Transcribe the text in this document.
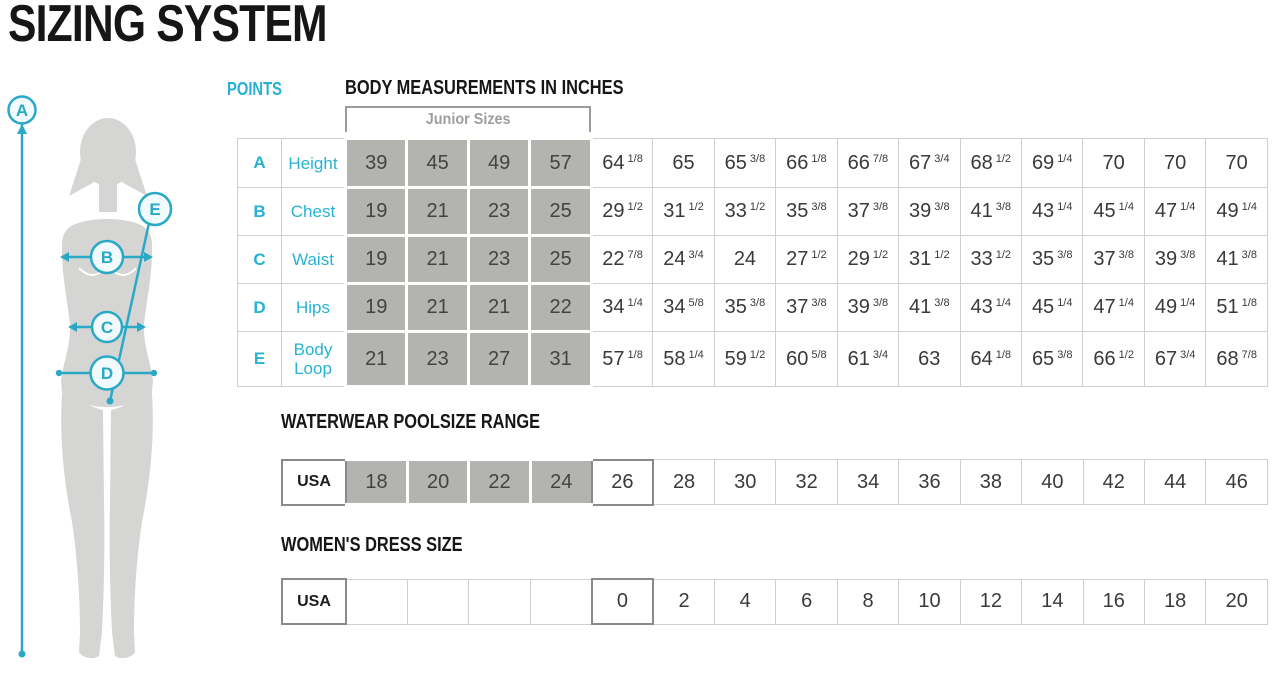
SIZING SYSTEM
POINTS	BODY MEASUREMENTS IN INCHES
Junior Sizes
WATERWEAR POOLSIZE RANGE
WOMEN'S DRESS SIZE
A	Height	39	45	49	57	64 $^{1/8}$	65	65 $^{3/8}$	66 $^{1/8}$	66 $^{7/8}$	67 $^{3/4}$	68 $^{1/2}$	69 $^{1/4}$	70	70	70
B	Chest	19	21	23	25	29 $^{1/2}$	31 $^{1/2}$	33 $^{1/2}$	35 $^{3/8}$	37 $^{3/8}$	39 $^{3/8}$	41 $^{3/8}$	43 $^{1/4}$	45 $^{1/4}$	47 $^{1/4}$	49 $^{1/4}$
C	Waist	19	21	23	25	22 $^{7/8}$	24 $^{3/4}$	24	27 $^{1/2}$	29 $^{1/2}$	31 $^{1/2}$	33 $^{1/2}$	35 $^{3/8}$	37 $^{3/8}$	39 $^{3/8}$	41 $^{3/8}$
D	Hips	19	21	21	22	34 $^{1/4}$	34 $^{5/8}$	35 $^{3/8}$	37 $^{3/8}$	39 $^{3/8}$	41 $^{3/8}$	43 $^{1/4}$	45 $^{1/4}$	47 $^{1/4}$	49 $^{1/4}$	51 $^{1/8}$
E	Body Loop	21	23	27	31	57 $^{1/8}$	58 $^{1/4}$	59 $^{1/2}$	60 $^{5/8}$	61 $^{3/4}$	63	64 $^{1/8}$	65 $^{3/8}$	66 $^{1/2}$	67 $^{3/4}$	68 $^{7/8}$
USA	18	20	22	24	26	28	30	32	34	36	38	40	42	44	46
USA					0	2	4	6	8	10	12	14	16	18	20
A
E
B
C
D
